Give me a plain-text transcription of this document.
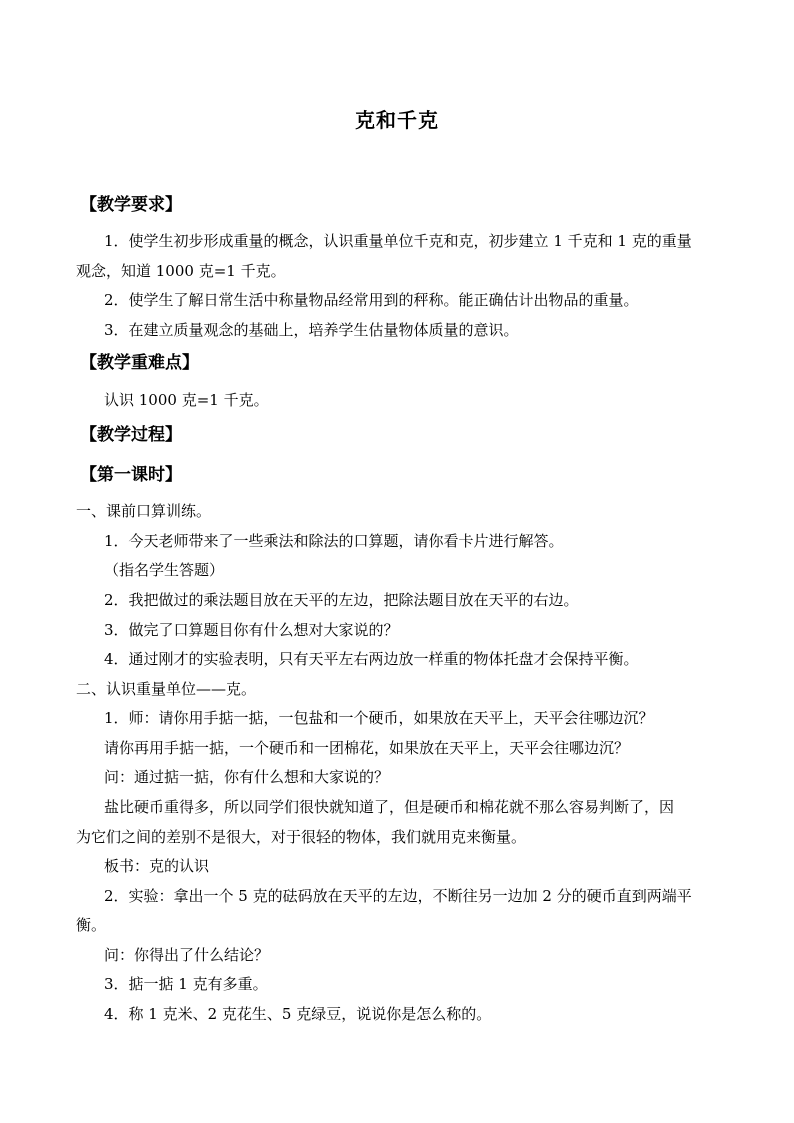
克和千克
【教学要求】
1．使学生初步形成重量的概念，认识重量单位千克和克，初步建立 1 千克和 1 克的重量
观念，知道 1000 克=1 千克。
2．使学生了解日常生活中称量物品经常用到的秤称。能正确估计出物品的重量。
3．在建立质量观念的基础上，培养学生估量物体质量的意识。
【教学重难点】
认识 1000 克=1 千克。
【教学过程】
【第一课时】
一、课前口算训练。
1．今天老师带来了一些乘法和除法的口算题，请你看卡片进行解答。
（指名学生答题）
2．我把做过的乘法题目放在天平的左边，把除法题目放在天平的右边。
3．做完了口算题目你有什么想对大家说的？
4．通过刚才的实验表明，只有天平左右两边放一样重的物体托盘才会保持平衡。
二、认识重量单位——克。
1．师：请你用手掂一掂，一包盐和一个硬币，如果放在天平上，天平会往哪边沉？
请你再用手掂一掂，一个硬币和一团棉花，如果放在天平上，天平会往哪边沉？
问：通过掂一掂，你有什么想和大家说的？
盐比硬币重得多，所以同学们很快就知道了，但是硬币和棉花就不那么容易判断了，因
为它们之间的差别不是很大，对于很轻的物体，我们就用克来衡量。
板书：克的认识
2．实验：拿出一个 5 克的砝码放在天平的左边，不断往另一边加 2 分的硬币直到两端平
衡。
问：你得出了什么结论？
3．掂一掂 1 克有多重。
4．称 1 克米、2 克花生、5 克绿豆，说说你是怎么称的。
